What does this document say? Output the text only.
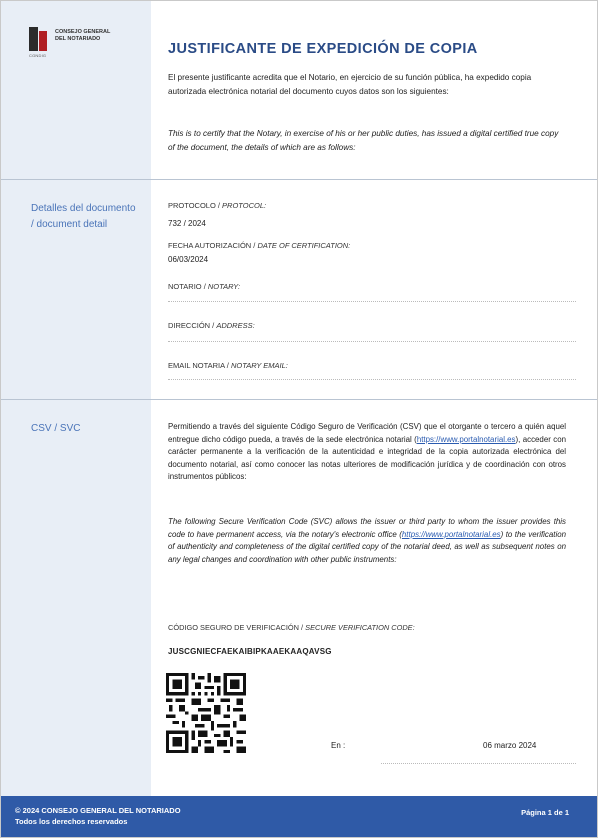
CGNDIG
CONSEJO GENERAL
DEL NOTARIADO
JUSTIFICANTE DE EXPEDICIÓN DE COPIA
El presente justificante acredita que el Notario, en ejercicio de su función pública, ha expedido copia autorizada electrónica notarial del documento cuyos datos son los siguientes:
This is to certify that the Notary, in exercise of his or her public duties, has issued a digital certified true copy of the document, the details of which are as follows:
Detalles del documento / document detail
PROTOCOLO / PROTOCOL:
732 / 2024
FECHA AUTORIZACIÓN / DATE OF CERTIFICATION:
06/03/2024
NOTARIO / NOTARY:
DIRECCIÓN / ADDRESS:
EMAIL NOTARIA / NOTARY EMAIL:
CSV / SVC	Permitiendo a través del siguiente Código Seguro de Verificación (CSV) que el otorgante o tercero a quién aquel entregue dicho código pueda, a través de la sede electrónica notarial (https://www.portalnotarial.es), acceder con carácter permanente a la verificación de la autenticidad e integridad de la copia autorizada electrónica del documento notarial, así como conocer las notas ulteriores de modificación jurídica y de coordinación con otros instrumentos públicos:
The following Secure Verification Code (SVC) allows the issuer or third party to whom the issuer provides this code to have permanent access, via the notary's electronic office (https://www.portalnotarial.es) to the verification of authenticity and completeness of the digital certified copy of the notarial deed, as well as subsequent notes on any legal changes and coordination with other public instruments:
CÓDIGO SEGURO DE VERIFICACIÓN / SECURE VERIFICATION CODE:
JUSCGNIECFAEKAIBIPKAAEKAAQAVSG
En :	06 marzo 2024
© 2024 CONSEJO GENERAL DEL NOTARIADO
Todos los derechos reservados
Página 1 de 1
